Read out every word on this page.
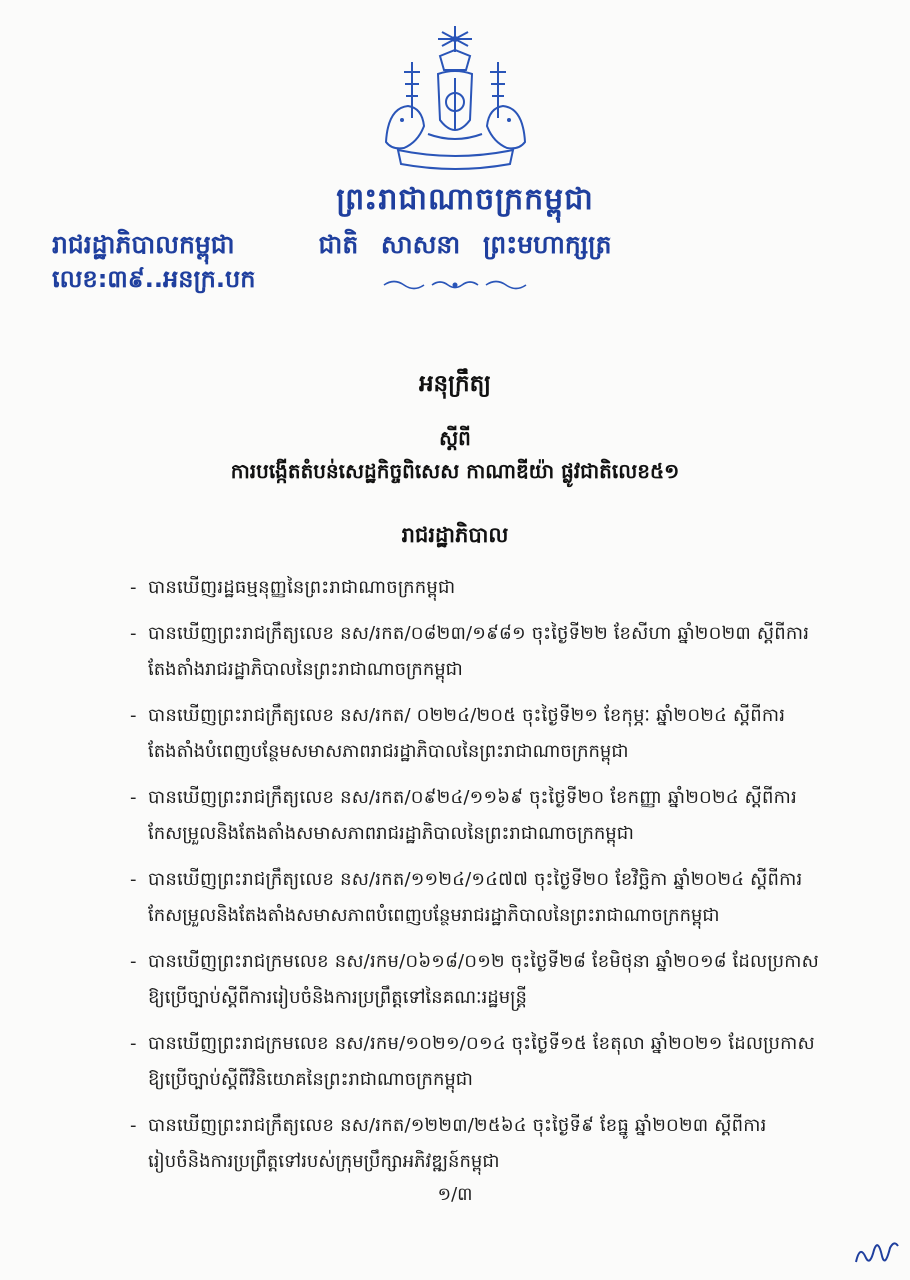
ព្រះរាជាណាចក្រកម្ពុជា
រាជរដ្ឋាភិបាលកម្ពុជា	ជាតិ សាសនា ព្រះមហាក្សត្រ
លេខ:៣៩..អនក្រ.បក
អនុក្រឹត្យ
ស្ដីពី
ការបង្កើតតំបន់សេដ្ឋកិច្ចពិសេស កាណាឌីយ៉ា ផ្លូវជាតិលេខ៥១
រាជរដ្ឋាភិបាល
- បានឃើញរដ្ឋធម្មនុញ្ញនៃព្រះរាជាណាចក្រកម្ពុជា
- បានឃើញព្រះរាជក្រឹត្យលេខ នស/រកត/០៨២៣/១៩៨១ ចុះថ្ងៃទី២២ ខែសីហា ឆ្នាំ២០២៣ ស្ដីពីការ
តែងតាំងរាជរដ្ឋាភិបាលនៃព្រះរាជាណាចក្រកម្ពុជា
- បានឃើញព្រះរាជក្រឹត្យលេខ នស/រកត/ ០២២៤/២០៥ ចុះថ្ងៃទី២១ ខែកុម្ភៈ ឆ្នាំ២០២៤ ស្ដីពីការ
តែងតាំងបំពេញបន្ថែមសមាសភាពរាជរដ្ឋាភិបាលនៃព្រះរាជាណាចក្រកម្ពុជា
- បានឃើញព្រះរាជក្រឹត្យលេខ នស/រកត/០៩២៤/១១៦៩ ចុះថ្ងៃទី២០ ខែកញ្ញា ឆ្នាំ២០២៤ ស្ដីពីការ
កែសម្រួលនិងតែងតាំងសមាសភាពរាជរដ្ឋាភិបាលនៃព្រះរាជាណាចក្រកម្ពុជា
- បានឃើញព្រះរាជក្រឹត្យលេខ នស/រកត/១១២៤/១៤៧៧ ចុះថ្ងៃទី២០ ខែវិច្ឆិកា ឆ្នាំ២០២៤ ស្ដីពីការ
កែសម្រួលនិងតែងតាំងសមាសភាពបំពេញបន្ថែមរាជរដ្ឋាភិបាលនៃព្រះរាជាណាចក្រកម្ពុជា
- បានឃើញព្រះរាជក្រមលេខ នស/រកម/០៦១៨/០១២ ចុះថ្ងៃទី២៨ ខែមិថុនា ឆ្នាំ២០១៨ ដែលប្រកាស
ឱ្យប្រើច្បាប់ស្ដីពីការរៀបចំនិងការប្រព្រឹត្តទៅនៃគណៈរដ្ឋមន្ត្រី
- បានឃើញព្រះរាជក្រមលេខ នស/រកម/១០២១/០១៤ ចុះថ្ងៃទី១៥ ខែតុលា ឆ្នាំ២០២១ ដែលប្រកាស
ឱ្យប្រើច្បាប់ស្ដីពីវិនិយោគនៃព្រះរាជាណាចក្រកម្ពុជា
- បានឃើញព្រះរាជក្រឹត្យលេខ នស/រកត/១២២៣/២៥៦៤ ចុះថ្ងៃទី៩ ខែធ្នូ ឆ្នាំ២០២៣ ស្ដីពីការ
រៀបចំនិងការប្រព្រឹត្តទៅរបស់ក្រុមប្រឹក្សាអភិវឌ្ឍន៍កម្ពុជា
១/៣
